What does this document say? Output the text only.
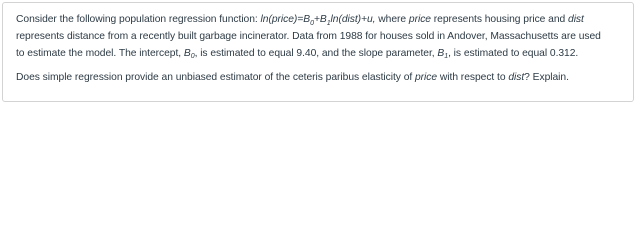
Consider the following population regression function: $\ln(price)=B_0+B_1\ln(dist)+u$, where price represents housing price and dist
represents distance from a recently built garbage incinerator. Data from 1988 for houses sold in Andover, Massachusetts are used
to estimate the model. The intercept, $B_0$, is estimated to equal 9.40, and the slope parameter, $B_1$, is estimated to equal 0.312.

Does simple regression provide an unbiased estimator of the ceteris paribus elasticity of price with respect to dist? Explain.
